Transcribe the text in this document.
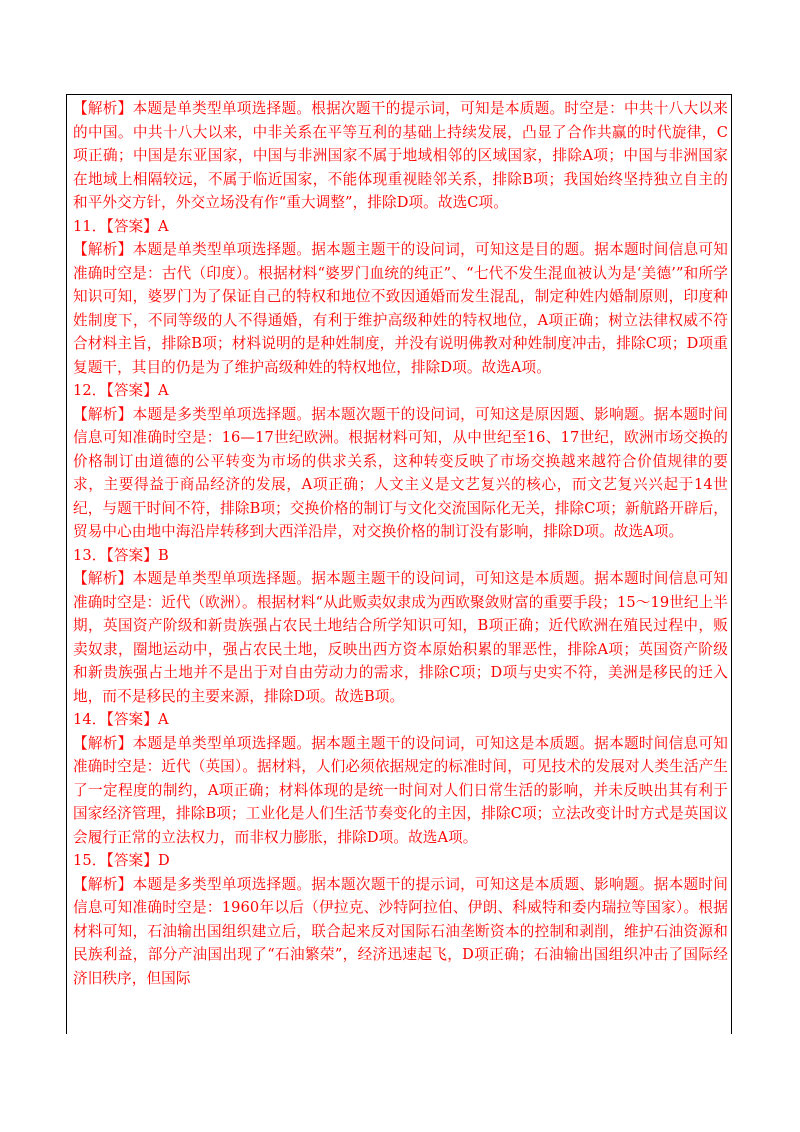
【解析】本题是单类型单项选择题。根据次题干的提示词，可知是本质题。时空是：中共十八大以来的中国。中共十八大以来，中非关系在平等互利的基础上持续发展，凸显了合作共赢的时代旋律，C项正确；中国是东亚国家，中国与非洲国家不属于地域相邻的区域国家，排除A项；中国与非洲国家在地域上相隔较远，不属于临近国家，不能体现重视睦邻关系，排除B项；我国始终坚持独立自主的和平外交方针，外交立场没有作“重大调整”，排除D项。故选C项。

11．【答案】A

【解析】本题是单类型单项选择题。据本题主题干的设问词，可知这是目的题。据本题时间信息可知准确时空是：古代（印度）。根据材料“婆罗门血统的纯正”、“七代不发生混血被认为是‘美德’”和所学知识可知，婆罗门为了保证自己的特权和地位不致因通婚而发生混乱，制定种姓内婚制原则，印度种姓制度下，不同等级的人不得通婚，有利于维护高级种姓的特权地位，A项正确；树立法律权威不符合材料主旨，排除B项；材料说明的是种姓制度，并没有说明佛教对种姓制度冲击，排除C项；D项重复题干，其目的仍是为了维护高级种姓的特权地位，排除D项。故选A项。

12．【答案】A

【解析】本题是多类型单项选择题。据本题次题干的设问词，可知这是原因题、影响题。据本题时间信息可知准确时空是：16—17世纪欧洲。根据材料可知，从中世纪至16、17世纪，欧洲市场交换的价格制订由道德的公平转变为市场的供求关系，这种转变反映了市场交换越来越符合价值规律的要求，主要得益于商品经济的发展，A项正确；人文主义是文艺复兴的核心，而文艺复兴兴起于14世纪，与题干时间不符，排除B项；交换价格的制订与文化交流国际化无关，排除C项；新航路开辟后，贸易中心由地中海沿岸转移到大西洋沿岸，对交换价格的制订没有影响，排除D项。故选A项。

13．【答案】B

【解析】本题是单类型单项选择题。据本题主题干的设问词，可知这是本质题。据本题时间信息可知准确时空是：近代（欧洲）。根据材料“从此贩卖奴隶成为西欧聚敛财富的重要手段；15～19世纪上半期，英国资产阶级和新贵族强占农民土地结合所学知识可知，B项正确；近代欧洲在殖民过程中，贩卖奴隶，圈地运动中，强占农民土地，反映出西方资本原始积累的罪恶性，排除A项；英国资产阶级和新贵族强占土地并不是出于对自由劳动力的需求，排除C项；D项与史实不符，美洲是移民的迁入地，而不是移民的主要来源，排除D项。故选B项。

14．【答案】A

【解析】本题是单类型单项选择题。据本题主题干的设问词，可知这是本质题。据本题时间信息可知准确时空是：近代（英国）。据材料，人们必须依据规定的标准时间，可见技术的发展对人类生活产生了一定程度的制约，A项正确；材料体现的是统一时间对人们日常生活的影响，并未反映出其有利于国家经济管理，排除B项；工业化是人们生活节奏变化的主因，排除C项；立法改变计时方式是英国议会履行正常的立法权力，而非权力膨胀，排除D项。故选A项。

15．【答案】D

【解析】本题是多类型单项选择题。据本题次题干的提示词，可知这是本质题、影响题。据本题时间信息可知准确时空是：1960年以后（伊拉克、沙特阿拉伯、伊朗、科威特和委内瑞拉等国家）。根据材料可知，石油输出国组织建立后，联合起来反对国际石油垄断资本的控制和剥削，维护石油资源和民族利益，部分产油国出现了“石油繁荣”，经济迅速起飞，D项正确；石油输出国组织冲击了国际经济旧秩序，但国际
